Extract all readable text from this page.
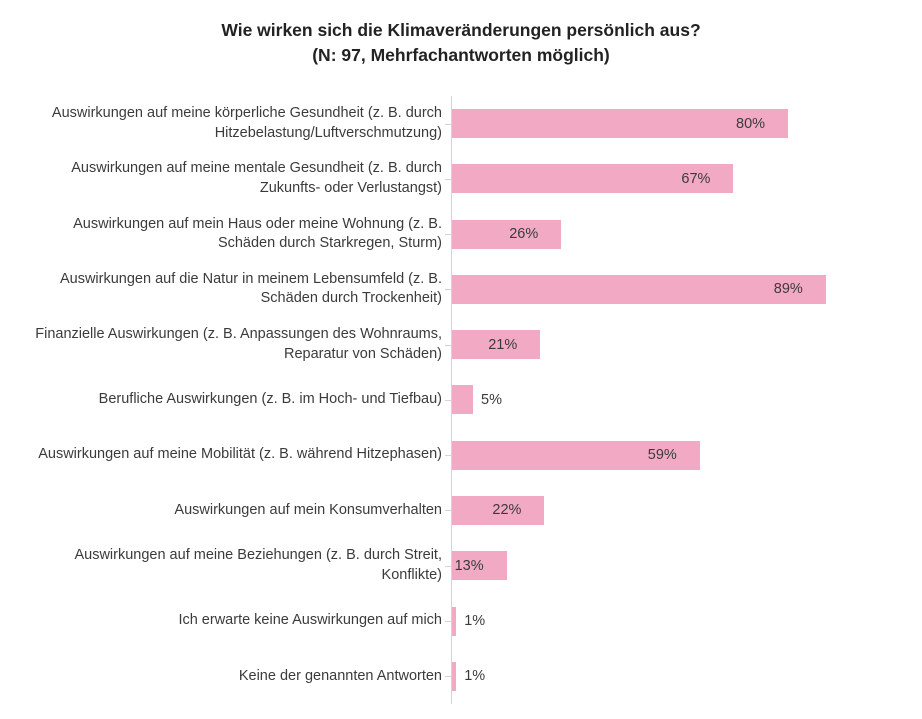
Wie wirken sich die Klimaveränderungen persönlich aus?
(N: 97, Mehrfachantworten möglich)
Auswirkungen auf meine körperliche Gesundheit (z. B. durch Hitzebelastung/Luftverschmutzung)
80%
Auswirkungen auf meine mentale Gesundheit (z. B. durch Zukunfts- oder Verlustangst)
67%
Auswirkungen auf mein Haus oder meine Wohnung (z. B. Schäden durch Starkregen, Sturm)
26%
Auswirkungen auf die Natur in meinem Lebensumfeld (z. B. Schäden durch Trockenheit)
89%
Finanzielle Auswirkungen (z. B. Anpassungen des Wohnraums, Reparatur von Schäden)
21%
Berufliche Auswirkungen (z. B. im Hoch- und Tiefbau)	5%
Auswirkungen auf meine Mobilität (z. B. während Hitzephasen)	59%
Auswirkungen auf mein Konsumverhalten	22%
Auswirkungen auf meine Beziehungen (z. B. durch Streit, Konflikte)
13%
Ich erwarte keine Auswirkungen auf mich 1%
Keine der genannten Antworten 1%
